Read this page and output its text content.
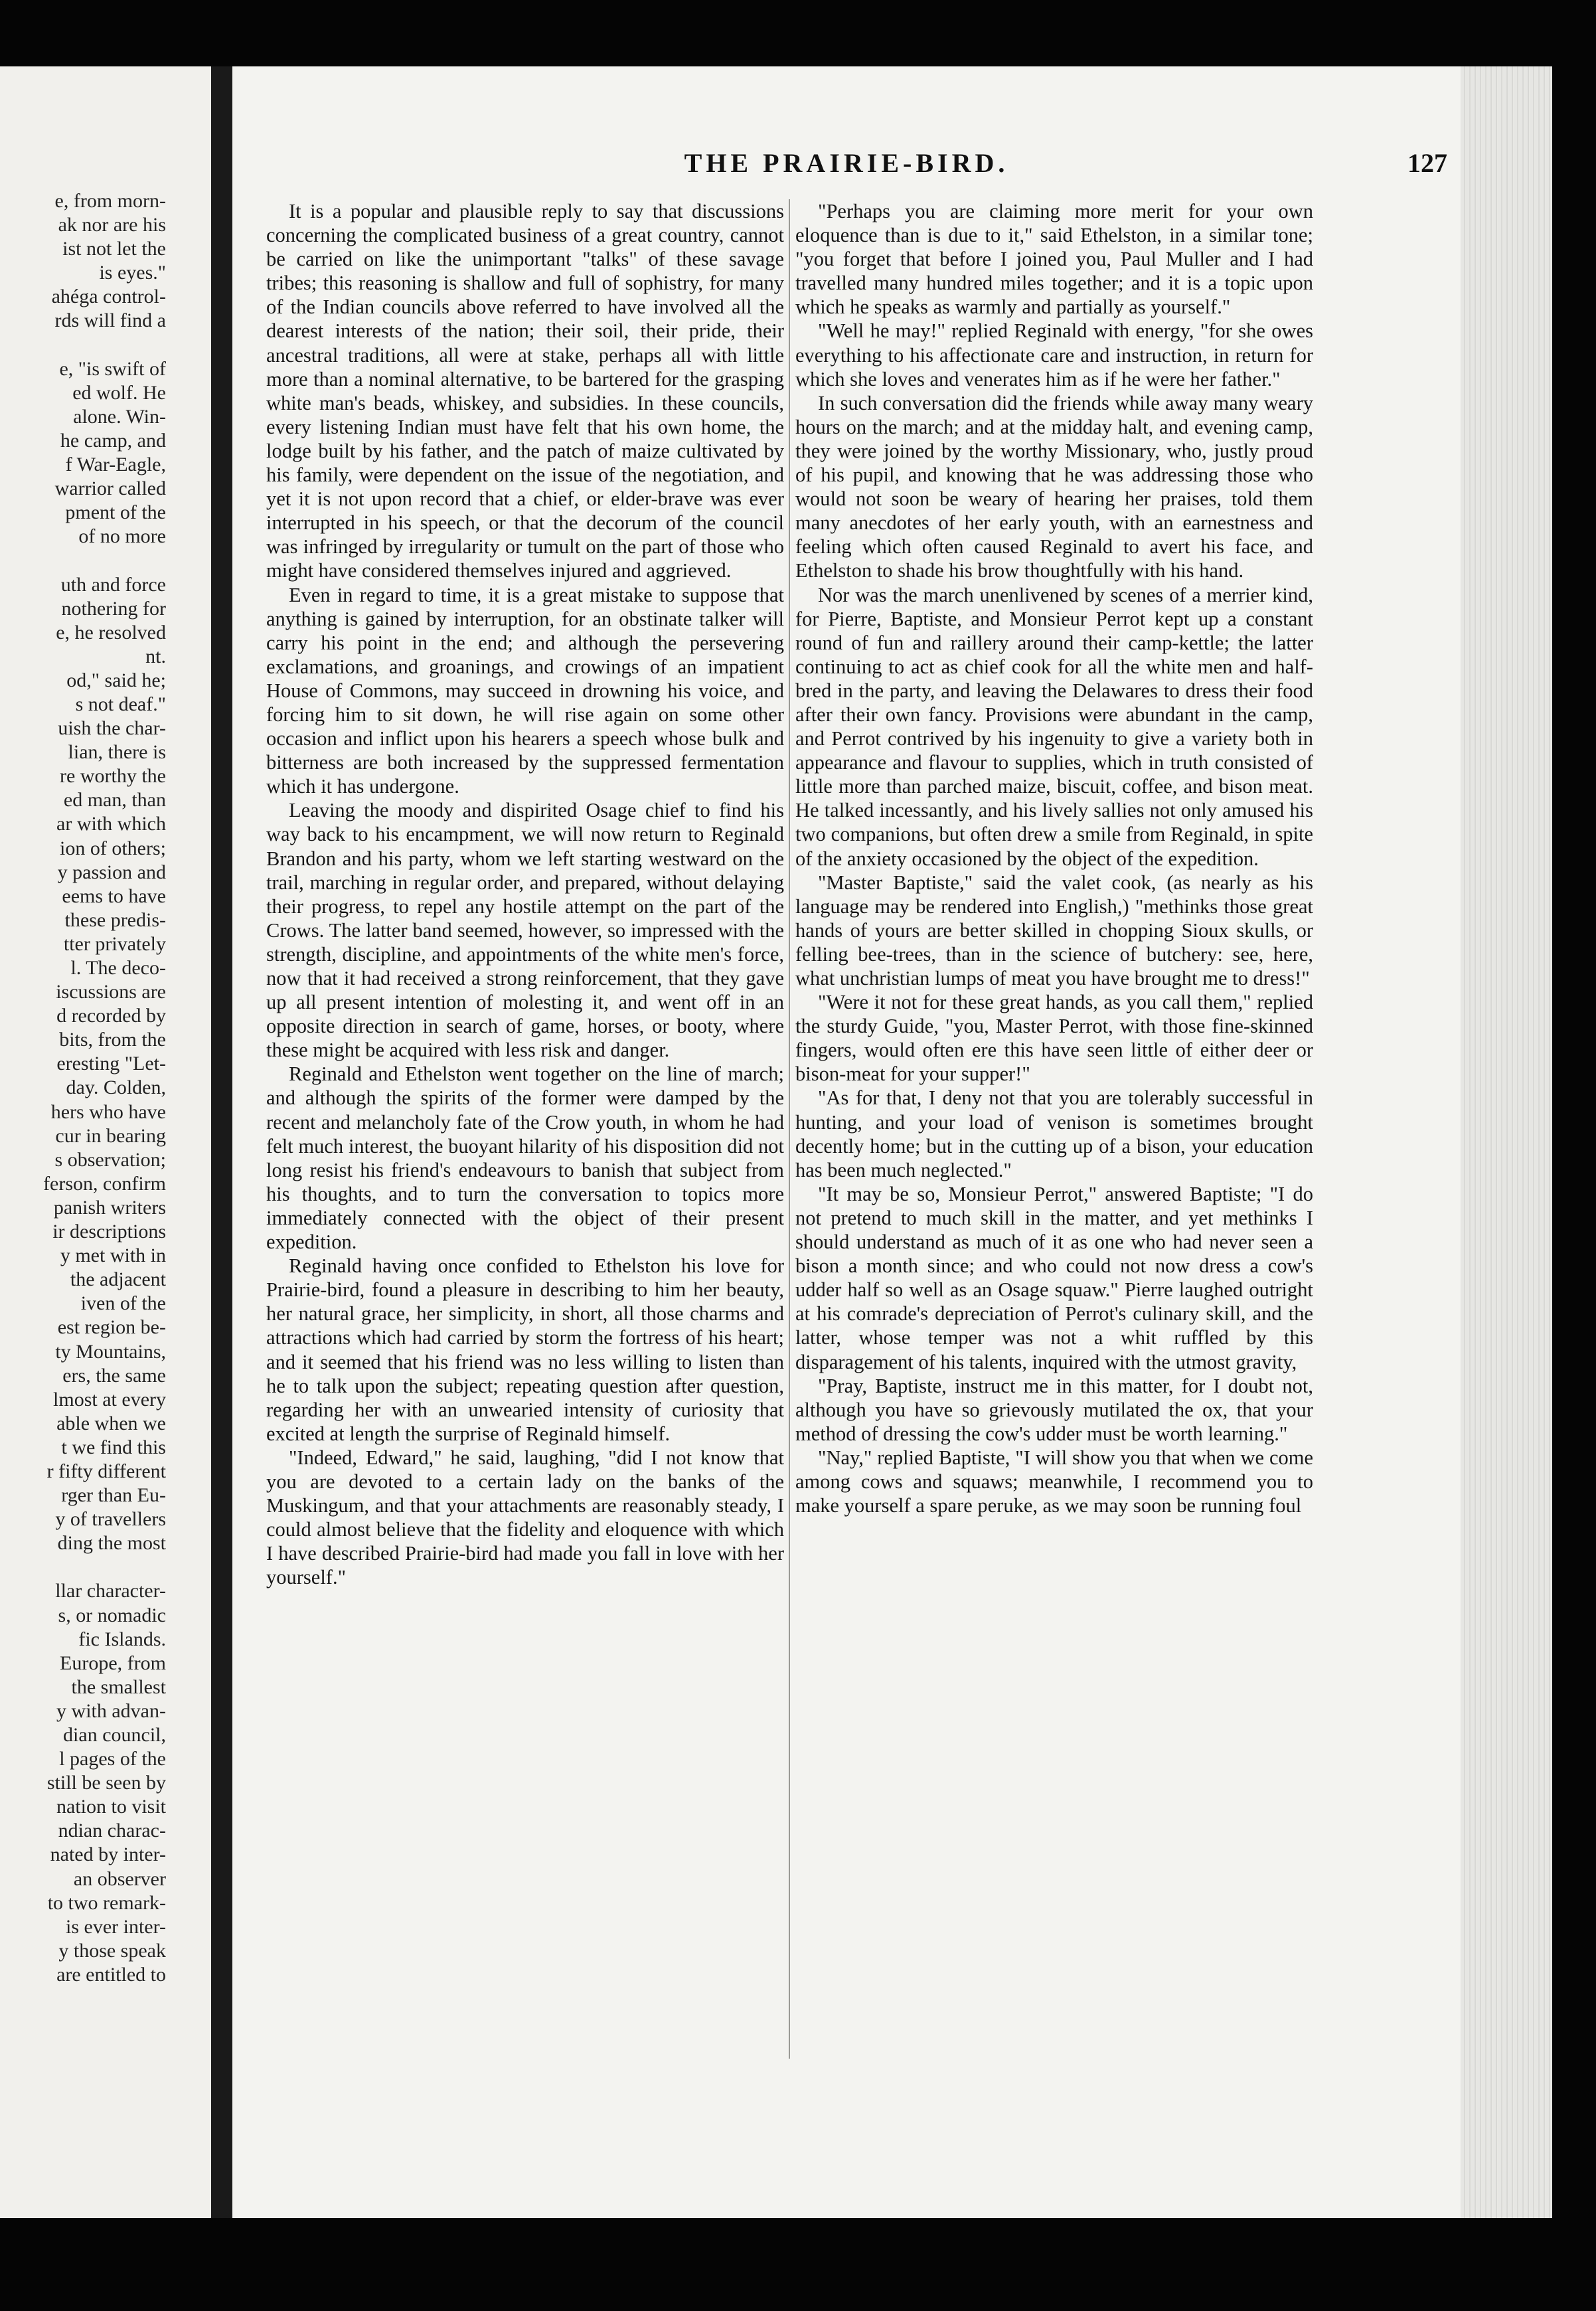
e, from morn-
ak nor are his
ist not let the
is eyes."
ahéga control-
rds will find a
e, "is swift of
ed wolf. He
alone. Win-
he camp, and
f War-Eagle,
warrior called
pment of the
of no more
uth and force
nothering for
e, he resolved
nt.
od," said he;
s not deaf."
uish the char-
lian, there is
re worthy the
ed man, than
ar with which
ion of others;
y passion and
eems to have
these predis-
tter privately
l. The deco-
iscussions are
d recorded by
bits, from the
eresting "Let-
day. Colden,
hers who have
cur in bearing
s observation;
ferson, confirm
panish writers
ir descriptions
y met with in
the adjacent
iven of the
est region be-
ty Mountains,
ers, the same
lmost at every
able when we
t we find this
r fifty different
rger than Eu-
y of travellers
ding the most
llar character-
s, or nomadic
fic Islands.
Europe, from
the smallest
y with advan-
dian council,
l pages of the
still be seen by
nation to visit
ndian charac-
nated by inter-
an observer
to two remark-
is ever inter-
y those speak
are entitled to
THE PRAIRIE-BIRD.	127

It is a popular and plausible reply to say that discussions concerning the complicated business of a great country, cannot be carried on like the unimportant "talks" of these savage tribes; this reasoning is shallow and full of sophistry, for many of the Indian councils above referred to have involved all the dearest interests of the nation; their soil, their pride, their ancestral traditions, all were at stake, perhaps all with little more than a nominal alternative, to be bartered for the grasping white man's beads, whiskey, and subsidies. In these councils, every listening Indian must have felt that his own home, the lodge built by his father, and the patch of maize cultivated by his family, were dependent on the issue of the negotiation, and yet it is not upon record that a chief, or elder-brave was ever interrupted in his speech, or that the decorum of the council was infringed by irregularity or tumult on the part of those who might have considered themselves injured and aggrieved.

Even in regard to time, it is a great mistake to suppose that anything is gained by interruption, for an obstinate talker will carry his point in the end; and although the persevering exclamations, and groanings, and crowings of an impatient House of Commons, may succeed in drowning his voice, and forcing him to sit down, he will rise again on some other occasion and inflict upon his hearers a speech whose bulk and bitterness are both increased by the suppressed fermentation which it has undergone.

Leaving the moody and dispirited Osage chief to find his way back to his encampment, we will now return to Reginald Brandon and his party, whom we left starting westward on the trail, marching in regular order, and prepared, without delaying their progress, to repel any hostile attempt on the part of the Crows. The latter band seemed, however, so impressed with the strength, discipline, and appointments of the white men's force, now that it had received a strong reinforcement, that they gave up all present intention of molesting it, and went off in an opposite direction in search of game, horses, or booty, where these might be acquired with less risk and danger.

Reginald and Ethelston went together on the line of march; and although the spirits of the former were damped by the recent and melancholy fate of the Crow youth, in whom he had felt much interest, the buoyant hilarity of his disposition did not long resist his friend's endeavours to banish that subject from his thoughts, and to turn the conversation to topics more immediately connected with the object of their present expedition.

Reginald having once confided to Ethelston his love for Prairie-bird, found a pleasure in describing to him her beauty, her natural grace, her simplicity, in short, all those charms and attractions which had carried by storm the fortress of his heart; and it seemed that his friend was no less willing to listen than he to talk upon the subject; repeating question after question, regarding her with an unwearied intensity of curiosity that excited at length the surprise of Reginald himself.

"Indeed, Edward," he said, laughing, "did I not know that you are devoted to a certain lady on the banks of the Muskingum, and that your attachments are reasonably steady, I could almost believe that the fidelity and eloquence with which I have described Prairie-bird had made you fall in love with her yourself."

"Perhaps you are claiming more merit for your own eloquence than is due to it," said Ethelston, in a similar tone; "you forget that before I joined you, Paul Muller and I had travelled many hundred miles together; and it is a topic upon which he speaks as warmly and partially as yourself."

"Well he may!" replied Reginald with energy, "for she owes everything to his affectionate care and instruction, in return for which she loves and venerates him as if he were her father."

In such conversation did the friends while away many weary hours on the march; and at the midday halt, and evening camp, they were joined by the worthy Missionary, who, justly proud of his pupil, and knowing that he was addressing those who would not soon be weary of hearing her praises, told them many anecdotes of her early youth, with an earnestness and feeling which often caused Reginald to avert his face, and Ethelston to shade his brow thoughtfully with his hand.

Nor was the march unenlivened by scenes of a merrier kind, for Pierre, Baptiste, and Monsieur Perrot kept up a constant round of fun and raillery around their camp-kettle; the latter continuing to act as chief cook for all the white men and half-bred in the party, and leaving the Delawares to dress their food after their own fancy. Provisions were abundant in the camp, and Perrot contrived by his ingenuity to give a variety both in appearance and flavour to supplies, which in truth consisted of little more than parched maize, biscuit, coffee, and bison meat. He talked incessantly, and his lively sallies not only amused his two companions, but often drew a smile from Reginald, in spite of the anxiety occasioned by the object of the expedition.

"Master Baptiste," said the valet cook, (as nearly as his language may be rendered into English,) "methinks those great hands of yours are better skilled in chopping Sioux skulls, or felling bee-trees, than in the science of butchery: see, here, what unchristian lumps of meat you have brought me to dress!"

"Were it not for these great hands, as you call them," replied the sturdy Guide, "you, Master Perrot, with those fine-skinned fingers, would often ere this have seen little of either deer or bison-meat for your supper!"

"As for that, I deny not that you are tolerably successful in hunting, and your load of venison is sometimes brought decently home; but in the cutting up of a bison, your education has been much neglected."

"It may be so, Monsieur Perrot," answered Baptiste; "I do not pretend to much skill in the matter, and yet methinks I should understand as much of it as one who had never seen a bison a month since; and who could not now dress a cow's udder half so well as an Osage squaw." Pierre laughed outright at his comrade's depreciation of Perrot's culinary skill, and the latter, whose temper was not a whit ruffled by this disparagement of his talents, inquired with the utmost gravity,

"Pray, Baptiste, instruct me in this matter, for I doubt not, although you have so grievously mutilated the ox, that your method of dressing the cow's udder must be worth learning."

"Nay," replied Baptiste, "I will show you that when we come among cows and squaws; meanwhile, I recommend you to make yourself a spare peruke, as we may soon be running foul
